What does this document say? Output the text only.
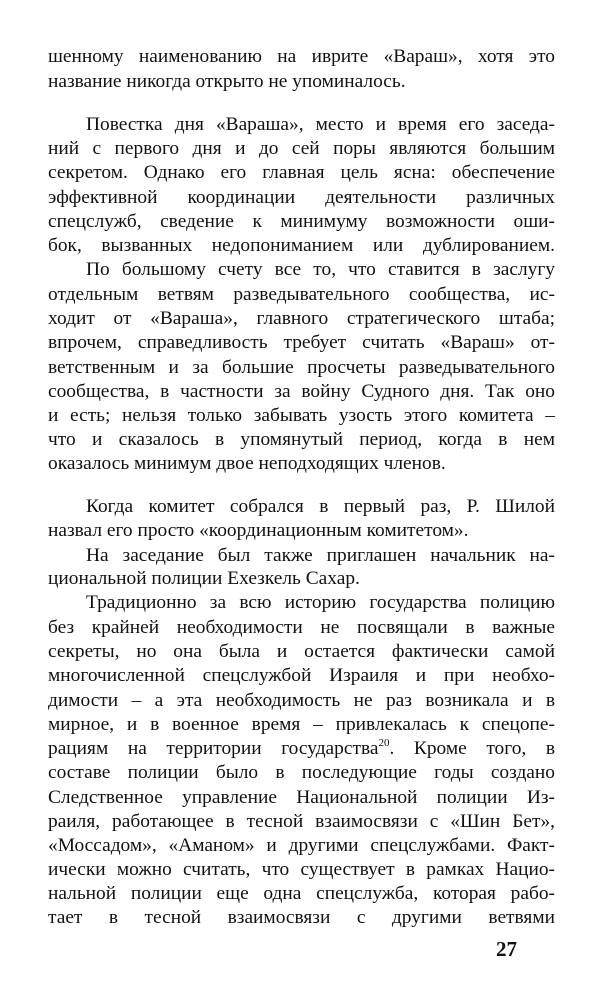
шенному наименованию на иврите «Вараш», хотя это
название никогда открыто не упоминалось.
Повестка дня «Вараша», место и время его заседа-
ний с первого дня и до сей поры являются большим
секретом. Однако его главная цель ясна: обеспечение
эффективной координации деятельности различных
спецслужб, сведение к минимуму возможности оши-
бок, вызванных недопониманием или дублированием.
По большому счету все то, что ставится в заслугу
отдельным ветвям разведывательного сообщества, ис-
ходит от «Вараша», главного стратегического штаба;
впрочем, справедливость требует считать «Вараш» от-
ветственным и за большие просчеты разведывательного
сообщества, в частности за войну Судного дня. Так оно
и есть; нельзя только забывать узость этого комитета –
что и сказалось в упомянутый период, когда в нем
оказалось минимум двое неподходящих членов.
Когда комитет собрался в первый раз, Р. Шилой
назвал его просто «координационным комитетом».
На заседание был также приглашен начальник на-
циональной полиции Ехезкель Сахар.
Традиционно за всю историю государства полицию
без крайней необходимости не посвящали в важные
секреты, но она была и остается фактически самой
многочисленной спецслужбой Израиля и при необхо-
димости – а эта необходимость не раз возникала и в
мирное, и в военное время – привлекалась к спецопе-
рациям на территории государства$^{20}$. Кроме того, в
составе полиции было в последующие годы создано
Следственное управление Национальной полиции Из-
раиля, работающее в тесной взаимосвязи с «Шин Бет»,
«Моссадом», «Аманом» и другими спецслужбами. Факт-
ически можно считать, что существует в рамках Нацио-
нальной полиции еще одна спецслужба, которая рабо-
тает в тесной взаимосвязи с другими ветвями
27
